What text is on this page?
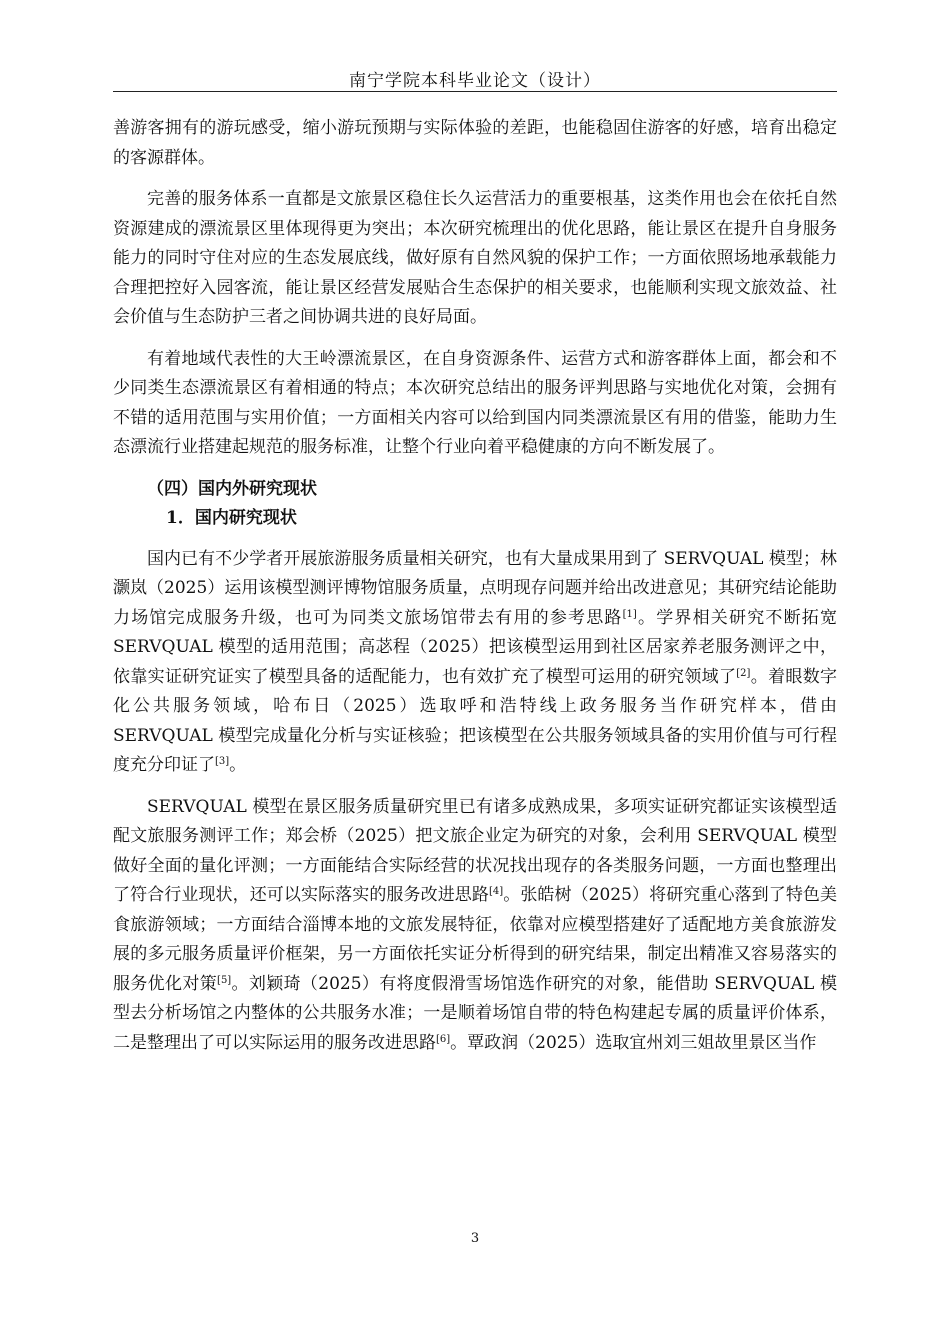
南宁学院本科毕业论文（设计）

善游客拥有的游玩感受，缩小游玩预期与实际体验的差距，也能稳固住游客的好感，培育出稳定的客源群体。

完善的服务体系一直都是文旅景区稳住长久运营活力的重要根基，这类作用也会在依托自然资源建成的漂流景区里体现得更为突出；本次研究梳理出的优化思路，能让景区在提升自身服务能力的同时守住对应的生态发展底线，做好原有自然风貌的保护工作；一方面依照场地承载能力合理把控好入园客流，能让景区经营发展贴合生态保护的相关要求，也能顺利实现文旅效益、社会价值与生态防护三者之间协调共进的良好局面。

有着地域代表性的大王岭漂流景区，在自身资源条件、运营方式和游客群体上面，都会和不少同类生态漂流景区有着相通的特点；本次研究总结出的服务评判思路与实地优化对策，会拥有不错的适用范围与实用价值；一方面相关内容可以给到国内同类漂流景区有用的借鉴，能助力生态漂流行业搭建起规范的服务标准，让整个行业向着平稳健康的方向不断发展了。

（四）国内外研究现状
1．国内研究现状

国内已有不少学者开展旅游服务质量相关研究，也有大量成果用到了 SERVQUAL 模型；林灏岚（2025）运用该模型测评博物馆服务质量，点明现存问题并给出改进意见；其研究结论能助力场馆完成服务升级，也可为同类文旅场馆带去有用的参考思路[1]。学界相关研究不断拓宽 SERVQUAL 模型的适用范围；高苾程（2025）把该模型运用到社区居家养老服务测评之中，依靠实证研究证实了模型具备的适配能力，也有效扩充了模型可运用的研究领域了[2]。着眼数字化公共服务领域，哈布日（2025）选取呼和浩特线上政务服务当作研究样本，借由 SERVQUAL 模型完成量化分析与实证核验；把该模型在公共服务领域具备的实用价值与可行程度充分印证了[3]。

SERVQUAL 模型在景区服务质量研究里已有诸多成熟成果，多项实证研究都证实该模型适配文旅服务测评工作；郑会桥（2025）把文旅企业定为研究的对象，会利用 SERVQUAL 模型做好全面的量化评测；一方面能结合实际经营的状况找出现存的各类服务问题，一方面也整理出了符合行业现状，还可以实际落实的服务改进思路[4]。张皓树（2025）将研究重心落到了特色美食旅游领域；一方面结合淄博本地的文旅发展特征，依靠对应模型搭建好了适配地方美食旅游发展的多元服务质量评价框架，另一方面依托实证分析得到的研究结果，制定出精准又容易落实的服务优化对策[5]。刘颖琦（2025）有将度假滑雪场馆选作研究的对象，能借助 SERVQUAL 模型去分析场馆之内整体的公共服务水准；一是顺着场馆自带的特色构建起专属的质量评价体系，二是整理出了可以实际运用的服务改进思路[6]。覃政润（2025）选取宜州刘三姐故里景区当作

3
